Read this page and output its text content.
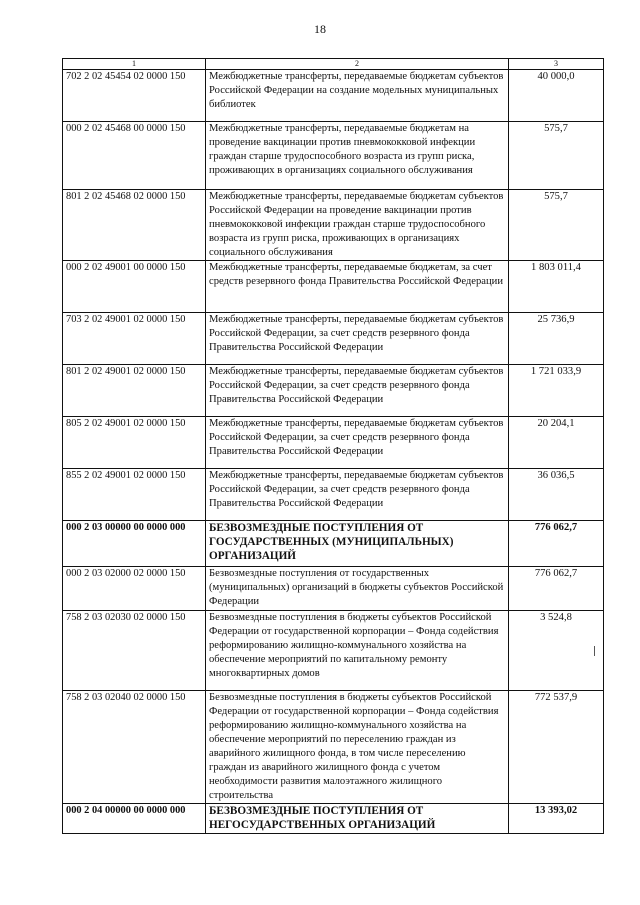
18
1	2	3
702 2 02 45454 02 0000 150	Межбюджетные трансферты, передаваемые бюджетам субъектов Российской Федерации на создание модельных муниципальных библиотек	40 000,0
000 2 02 45468 00 0000 150	Межбюджетные трансферты, передаваемые бюджетам на проведение вакцинации против пневмококковой инфекции граждан старше трудоспособного возраста из групп риска, проживающих в организациях социального обслуживания	575,7
801 2 02 45468 02 0000 150	Межбюджетные трансферты, передаваемые бюджетам субъектов Российской Федерации на проведение вакцинации против пневмококковой инфекции граждан старше трудоспособного возраста из групп риска, проживающих в организациях социального обслуживания	575,7
000 2 02 49001 00 0000 150	Межбюджетные трансферты, передаваемые бюджетам, за счет средств резервного фонда Правительства Российской Федерации	1 803 011,4
703 2 02 49001 02 0000 150	Межбюджетные трансферты, передаваемые бюджетам субъектов Российской Федерации, за счет средств резервного фонда Правительства Российской Федерации	25 736,9
801 2 02 49001 02 0000 150	Межбюджетные трансферты, передаваемые бюджетам субъектов Российской Федерации, за счет средств резервного фонда Правительства Российской Федерации	1 721 033,9
805 2 02 49001 02 0000 150	Межбюджетные трансферты, передаваемые бюджетам субъектов Российской Федерации, за счет средств резервного фонда Правительства Российской Федерации	20 204,1
855 2 02 49001 02 0000 150	Межбюджетные трансферты, передаваемые бюджетам субъектов Российской Федерации, за счет средств резервного фонда Правительства Российской Федерации	36 036,5
000 2 03 00000 00 0000 000	БЕЗВОЗМЕЗДНЫЕ ПОСТУПЛЕНИЯ ОТ ГОСУДАРСТВЕННЫХ (МУНИЦИПАЛЬНЫХ) ОРГАНИЗАЦИЙ	776 062,7
000 2 03 02000 02 0000 150	Безвозмездные поступления от государственных (муниципальных) организаций в бюджеты субъектов Российской Федерации	776 062,7
758 2 03 02030 02 0000 150	Безвозмездные поступления в бюджеты субъектов Российской Федерации от государственной корпорации – Фонда содействия реформированию жилищно-коммунального хозяйства на обеспечение мероприятий по капитальному ремонту многоквартирных домов	3 524,8
758 2 03 02040 02 0000 150	Безвозмездные поступления в бюджеты субъектов Российской Федерации от государственной корпорации – Фонда содействия реформированию жилищно-коммунального хозяйства на обеспечение мероприятий по переселению граждан из аварийного жилищного фонда, в том числе переселению граждан из аварийного жилищного фонда с учетом необходимости развития малоэтажного жилищного строительства	772 537,9
000 2 04 00000 00 0000 000	БЕЗВОЗМЕЗДНЫЕ ПОСТУПЛЕНИЯ ОТ НЕГОСУДАРСТВЕННЫХ ОРГАНИЗАЦИЙ	13 393,02
